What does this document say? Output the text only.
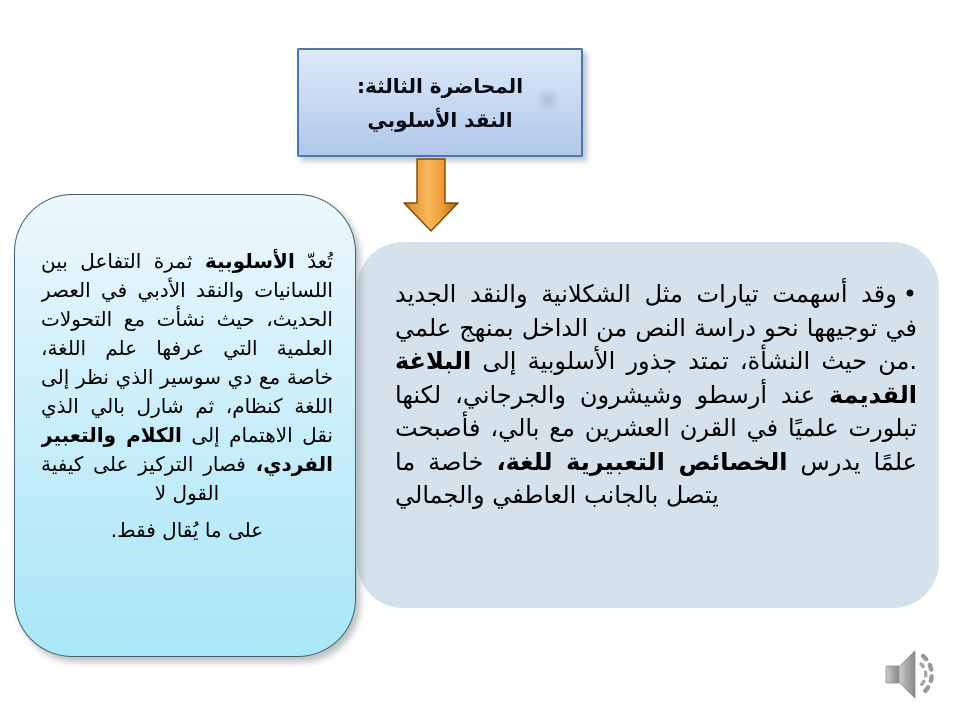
المحاضرة الثالثة:
النقد الأسلوبي
•وقد أسهمت تيارات مثل الشكلانية والنقد الجديد في توجيهها نحو دراسة النص من الداخل بمنهج علمي .من حيث النشأة، تمتد جذور الأسلوبية إلى البلاغة القديمة عند أرسطو وشيشرون والجرجاني، لكنها تبلورت علميًا في القرن العشرين مع بالي، فأصبحت علمًا يدرس الخصائص التعبيرية للغة، خاصة ما يتصل بالجانب العاطفي والجمالي

تُعدّ الأسلوبية ثمرة التفاعل بين اللسانيات والنقد الأدبي في العصر الحديث، حيث نشأت مع التحولات العلمية التي عرفها علم اللغة، خاصة مع دي سوسير الذي نظر إلى اللغة كنظام، ثم شارل بالي الذي نقل الاهتمام إلى الكلام والتعبير الفردي، فصار التركيز على كيفية القول لا

على ما يُقال فقط.
